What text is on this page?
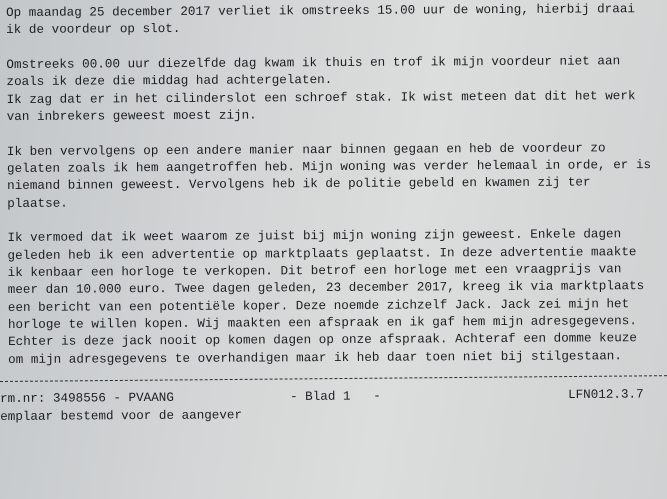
Op maandag 25 december 2017 verliet ik omstreeks 15.00 uur de woning, hierbij draai
ik de voordeur op slot.
Omstreeks 00.00 uur diezelfde dag kwam ik thuis en trof ik mijn voordeur niet aan
zoals ik deze die middag had achtergelaten.
Ik zag dat er in het cilinderslot een schroef stak. Ik wist meteen dat dit het werk
van inbrekers geweest moest zijn.
Ik ben vervolgens op een andere manier naar binnen gegaan en heb de voordeur zo
gelaten zoals ik hem aangetroffen heb. Mijn woning was verder helemaal in orde, er is
niemand binnen geweest. Vervolgens heb ik de politie gebeld en kwamen zij ter
plaatse.
Ik vermoed dat ik weet waarom ze juist bij mijn woning zijn geweest. Enkele dagen
geleden heb ik een advertentie op marktplaats geplaatst. In deze advertentie maakte
ik kenbaar een horloge te verkopen. Dit betrof een horloge met een vraagprijs van
meer dan 10.000 euro. Twee dagen geleden, 23 december 2017, kreeg ik via marktplaats
een bericht van een potentiële koper. Deze noemde zichzelf Jack. Jack zei mijn het
horloge te willen kopen. Wij maakten een afspraak en ik gaf hem mijn adresgegevens.
Echter is deze jack nooit op komen dagen op onze afspraak. Achteraf een domme keuze
om mijn adresgegevens te overhandigen maar ik heb daar toen niet bij stilgestaan.

rm.nr: 3498556 - PVAANG

	- Blad 1   -

	LFN012.3.7

emplaar bestemd voor de aangever
